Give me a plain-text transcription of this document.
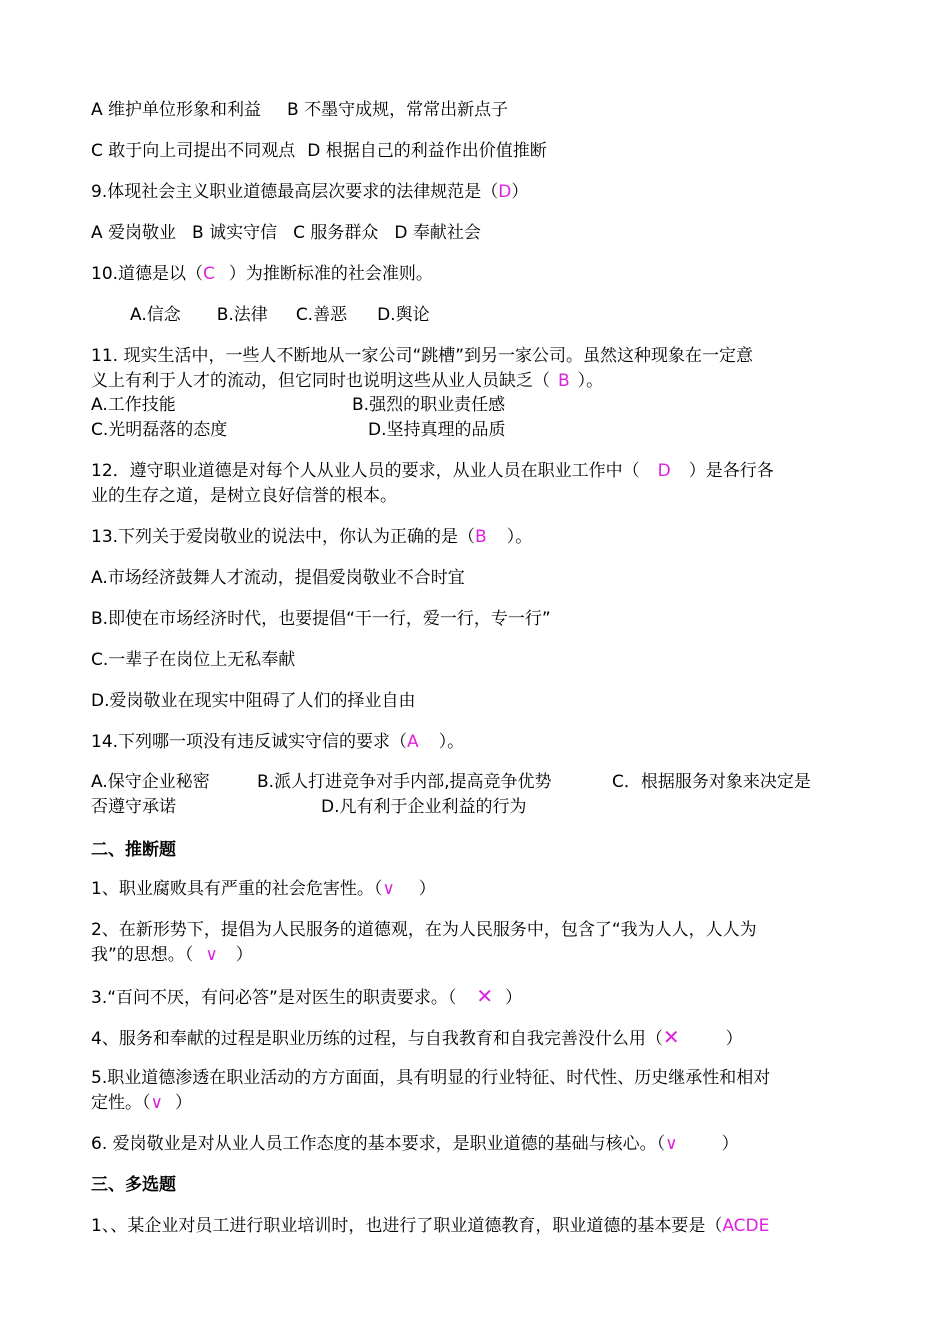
A 维护单位形象和利益 B 不墨守成规，常常出新点子
C 敢于向上司提出不同观点 D 根据自己的利益作出价值推断
9.体现社会主义职业道德最高层次要求的法律规范是（D）
A 爱岗敬业 B 诚实守信 C 服务群众 D 奉献社会
10.道德是以（C ）为推断标准的社会准则。
A.信念 B.法律 C.善恶 D.舆论
11. 现实生活中，一些人不断地从一家公司“跳槽”到另一家公司。虽然这种现象在一定意
义上有利于人才的流动，但它同时也说明这些从业人员缺乏（ B ）。
A.工作技能	B.强烈的职业责任感
C.光明磊落的态度	D.坚持真理的品质
12．遵守职业道德是对每个人从业人员的要求，从业人员在职业工作中（ D ）是各行各
业的生存之道，是树立良好信誉的根本。
13.下列关于爱岗敬业的说法中，你认为正确的是（B ）。
A.市场经济鼓舞人才流动，提倡爱岗敬业不合时宜
B.即使在市场经济时代，也要提倡“干一行，爱一行，专一行”
C.一辈子在岗位上无私奉献
D.爱岗敬业在现实中阻碍了人们的择业自由
14.下列哪一项没有违反诚实守信的要求（A ）。
A.保守企业秘密	B.派人打进竞争对手内部,提高竞争优势	C．根据服务对象来决定是
否遵守承诺	D.凡有利于企业利益的行为
二、推断题
1、职业腐败具有严重的社会危害性。（∨ ）
2、在新形势下，提倡为人民服务的道德观，在为人民服务中，包含了“我为人人，人人为
我”的思想。（ ∨ ）
3.“百问不厌，有问必答”是对医生的职责要求。（ ✕ ）
4、服务和奉献的过程是职业历练的过程，与自我教育和自我完善没什么用（✕	）
5.职业道德渗透在职业活动的方方面面，具有明显的行业特征、时代性、历史继承性和相对
定性。（∨ ）
6. 爱岗敬业是对从业人员工作态度的基本要求，是职业道德的基础与核心。（∨	）
三、多选题
1、、某企业对员工进行职业培训时，也进行了职业道德教育，职业道德的基本要是（ACDE
